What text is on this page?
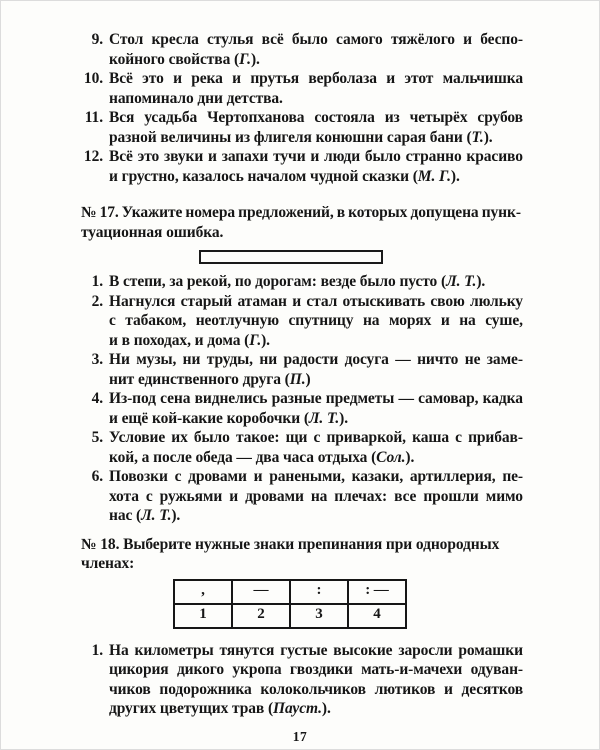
9. Стол кресла стулья всё было самого тяжёлого и беспо-
койного свойства (Г.).
10. Всё это и река и прутья верболаза и этот мальчишка
напоминало дни детства.
11. Вся усадьба Чертопханова состояла из четырёх срубов
разной величины из флигеля конюшни сарая бани (Т.).
12. Всё это звуки и запахи тучи и люди было странно красиво
и грустно, казалось началом чудной сказки (М. Г.).
№ 17. Укажите номера предложений, в которых допущена пунк-
туационная ошибка.
1. В степи, за рекой, по дорогам: везде было пусто (Л. Т.).
2. Нагнулся старый атаман и стал отыскивать свою люльку
с табаком, неотлучную спутницу на морях и на суше,
и в походах, и дома (Г.).
3. Ни музы, ни труды, ни радости досуга — ничто не заме-
нит единственного друга (П.)
4. Из-под сена виднелись разные предметы — самовар, кадка
и ещё кой-какие коробочки (Л. Т.).
5. Условие их было такое: щи с приваркой, каша с прибав-
кой, а после обеда — два часа отдыха (Сол.).
6. Повозки с дровами и ранеными, казаки, артиллерия, пе-
хота с ружьями и дровами на плечах: все прошли мимо
нас (Л. Т.).
№ 18. Выберите нужные знаки препинания при однородных членах:
,	—	:	: —
1	2	3	4
1. На километры тянутся густые высокие заросли ромашки
цикория дикого укропа гвоздики мать-и-мачехи одуван-
чиков подорожника колокольчиков лютиков и десятков
других цветущих трав (Пауст.).
17
